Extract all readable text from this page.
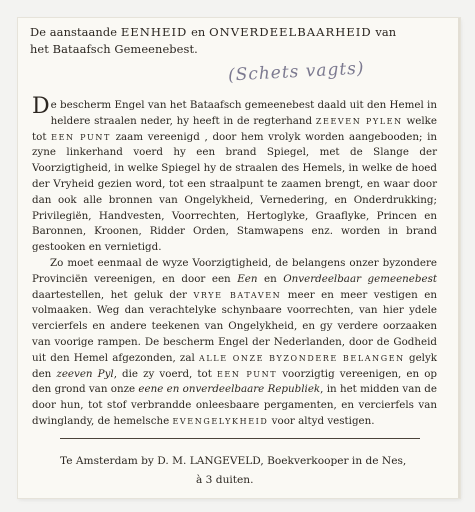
De aanstaande EENHEID en ONVERDEELBAARHEID van
het Bataafsch Gemeenebest.
(Schets vagts)

De bescherm Engel van het Bataafsch gemeenebest daald uit den Hemel in heldere straalen neder, hy heeft in de regterhand ZEEVEN PYLEN welke tot EEN PUNT zaam vereenigd , door hem vrolyk worden aangebooden; in zyne linkerhand voerd hy een brand Spiegel, met de Slange der Voorzigtigheid, in welke Spiegel hy de straalen des Hemels, in welke de hoed der Vryheid gezien word, tot een straalpunt te zaamen brengt, en waar door dan ook alle bronnen van Ongelykheid, Vernedering, en Onderdrukking; Privilegiën, Handvesten, Voorrechten, Hertoglyke, Graaflyke, Princen en Baronnen, Kroonen, Ridder Orden, Stamwapens enz. worden in brand gestooken en vernietigd.

Zo moet eenmaal de wyze Voorzigtigheid, de belangens onzer byzondere Provinciën vereenigen, en door een Een en Onverdeelbaar gemeenebest daartestellen, het geluk der VRYE BATAVEN meer en meer vestigen en volmaaken. Weg dan verachtelyke schynbaare voorrechten, van hier ydele vercierfels en andere teekenen van Ongelykheid, en gy verdere oorzaaken van voorige rampen. De bescherm Engel der Nederlanden, door de Godheid uit den Hemel afgezonden, zal ALLE ONZE BYZONDERE BELANGEN gelyk den zeeven Pyl, die zy voerd, tot EEN PUNT voorzigtig vereenigen, en op den grond van onze eene en onverdeelbaare Republiek, in het midden van de door hun, tot stof verbrandde onleesbaare pergamenten, en vercierfels van dwinglandy, de hemelsche EVENGELYKHEID voor altyd vestigen.

Te Amsterdam by D. M. LANGEVELD, Boekverkooper in de Nes,
à 3 duiten.
